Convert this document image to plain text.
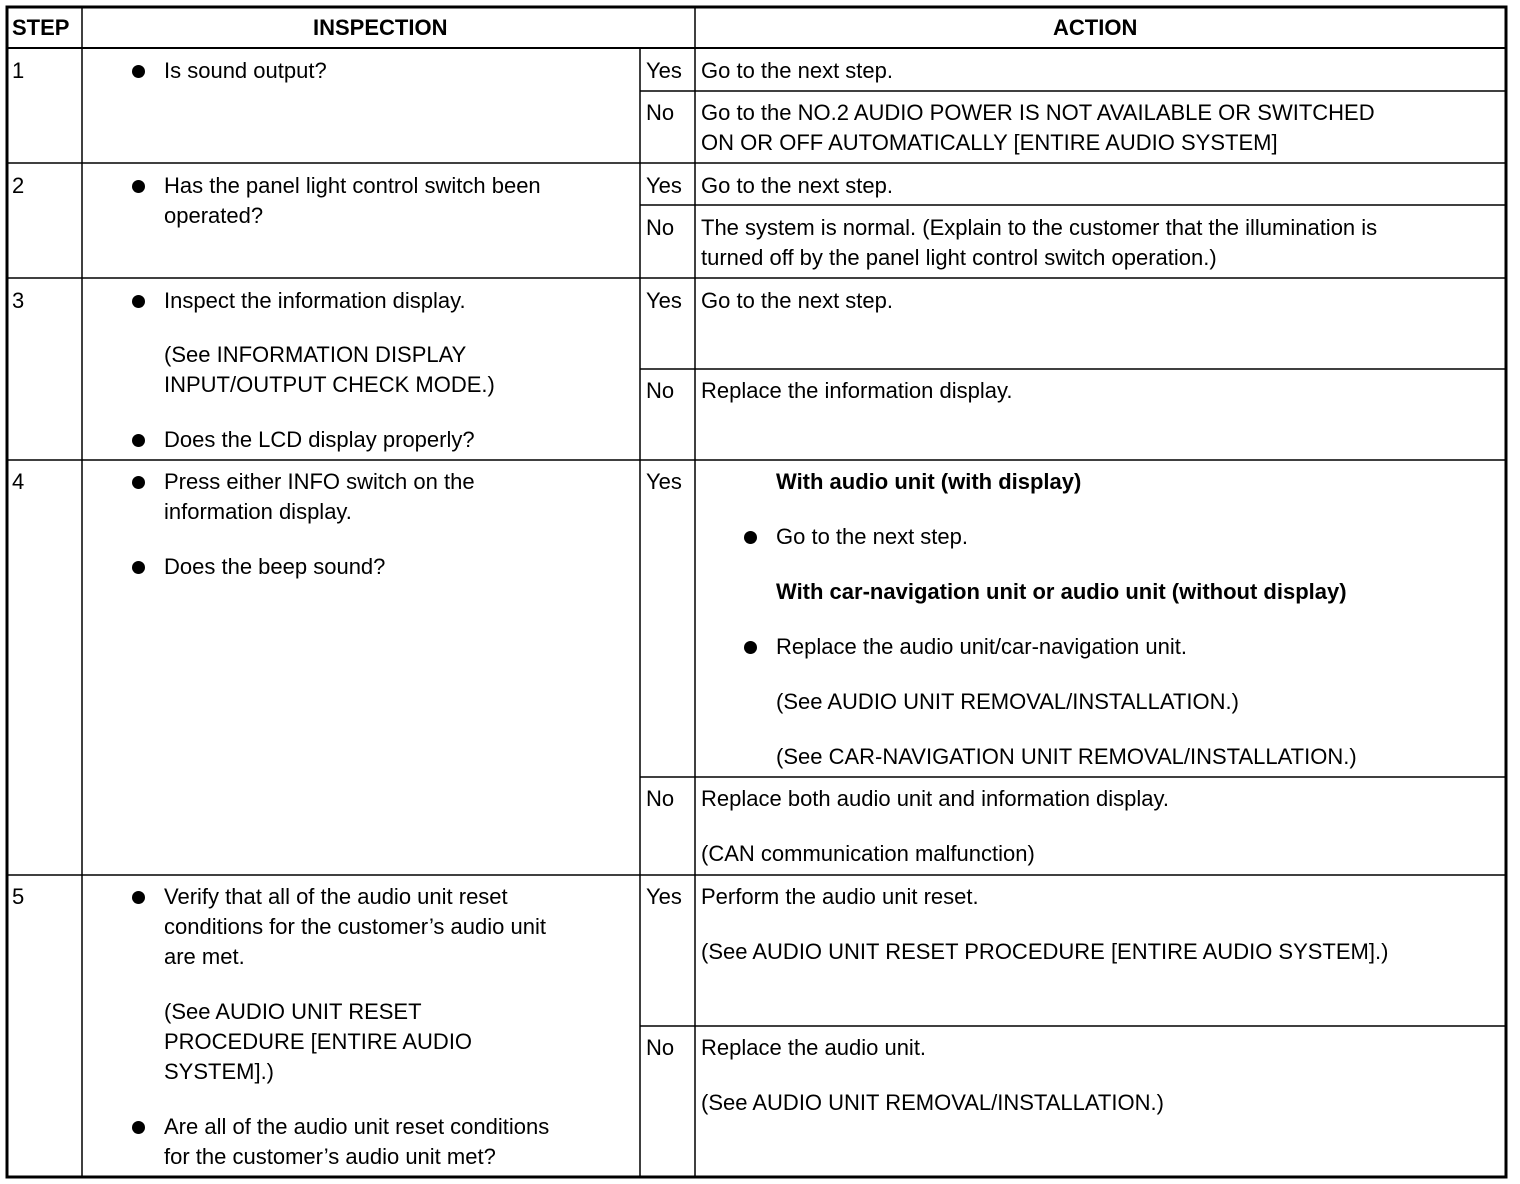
STEP	INSPECTION	ACTION
1	Is sound output?	Yes Go to the next step.
No Go to the NO.2 AUDIO POWER IS NOT AVAILABLE OR SWITCHED
ON OR OFF AUTOMATICALLY [ENTIRE AUDIO SYSTEM]
2	Has the panel light control switch been
operated?
Yes Go to the next step.
No The system is normal. (Explain to the customer that the illumination is
turned off by the panel light control switch operation.)
3	Inspect the information display.
(See INFORMATION DISPLAY
INPUT/OUTPUT CHECK MODE.)
Does the LCD display properly?
Yes Go to the next step.
No Replace the information display.
4	Press either INFO switch on the
information display.
Does the beep sound?
Yes	With audio unit (with display)
Go to the next step.
With car-navigation unit or audio unit (without display)
Replace the audio unit/car-navigation unit.
(See AUDIO UNIT REMOVAL/INSTALLATION.)
(See CAR-NAVIGATION UNIT REMOVAL/INSTALLATION.)
No Replace both audio unit and information display.
(CAN communication malfunction)
5	Verify that all of the audio unit reset
conditions for the customer’s audio unit
are met.
(See AUDIO UNIT RESET
PROCEDURE [ENTIRE AUDIO
SYSTEM].)
Are all of the audio unit reset conditions
for the customer’s audio unit met?
Yes Perform the audio unit reset.
(See AUDIO UNIT RESET PROCEDURE [ENTIRE AUDIO SYSTEM].)
No Replace the audio unit.
(See AUDIO UNIT REMOVAL/INSTALLATION.)
